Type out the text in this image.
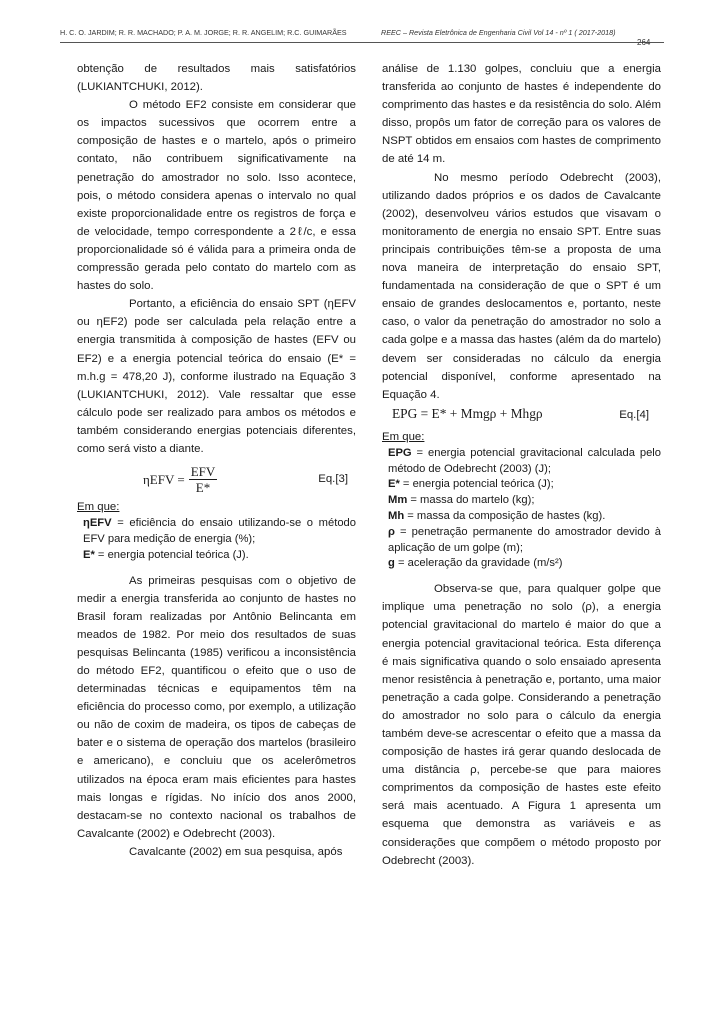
H. C. O. JARDIM; R. R. MACHADO; P. A. M. JORGE; R. R. ANGELIM; R.C. GUIMARÃES	REEC – Revista Eletrônica de Engenharia Civil Vol 14 - nº 1 ( 2017-2018)
264

obtenção de resultados mais satisfatórios (LUKIANTCHUKI, 2012).

O método EF2 consiste em considerar que os impactos sucessivos que ocorrem entre a composição de hastes e o martelo, após o primeiro contato, não contribuem significativamente na penetração do amostrador no solo. Isso acontece, pois, o método considera apenas o intervalo no qual existe proporcionalidade entre os registros de força e de velocidade, tempo correspondente a 2ℓ/c, e essa proporcionalidade só é válida para a primeira onda de compressão gerada pelo contato do martelo com as hastes do solo.

Portanto, a eficiência do ensaio SPT (ηEFV ou ηEF2) pode ser calculada pela relação entre a energia transmitida à composição de hastes (EFV ou EF2) e a energia potencial teórica do ensaio (E* = m.h.g = 478,20 J), conforme ilustrado na Equação 3 (LUKIANTCHUKI, 2012). Vale ressaltar que esse cálculo pode ser realizado para ambos os métodos e também considerando energias potenciais diferentes, como será visto a diante.

$\eta EFV = \frac{\text{EFV}}{E*}$	Eq.[3]

Em que:

ηEFV = eficiência do ensaio utilizando-se o método EFV para medição de energia (%);

E* = energia potencial teórica (J).

As primeiras pesquisas com o objetivo de medir a energia transferida ao conjunto de hastes no Brasil foram realizadas por Antônio Belincanta em meados de 1982. Por meio dos resultados de suas pesquisas Belincanta (1985) verificou a inconsistência do método EF2, quantificou o efeito que o uso de determinadas técnicas e equipamentos têm na eficiência do processo como, por exemplo, a utilização ou não de coxim de madeira, os tipos de cabeças de bater e o sistema de operação dos martelos (brasileiro e americano), e concluiu que os acelerômetros utilizados na época eram mais eficientes para hastes mais longas e rígidas. No início dos anos 2000, destacam-se no contexto nacional os trabalhos de Cavalcante (2002) e Odebrecht (2003).

Cavalcante (2002) em sua pesquisa, após

análise de 1.130 golpes, concluiu que a energia transferida ao conjunto de hastes é independente do comprimento das hastes e da resistência do solo. Além disso, propôs um fator de correção para os valores de NSPT obtidos em ensaios com hastes de comprimento de até 14 m.

No mesmo período Odebrecht (2003), utilizando dados próprios e os dados de Cavalcante (2002), desenvolveu vários estudos que visavam o monitoramento de energia no ensaio SPT. Entre suas principais contribuições têm-se a proposta de uma nova maneira de interpretação do ensaio SPT, fundamentada na consideração de que o SPT é um ensaio de grandes deslocamentos e, portanto, neste caso, o valor da penetração do amostrador no solo a cada golpe e a massa das hastes (além da do martelo) devem ser consideradas no cálculo da energia potencial disponível, conforme apresentado na Equação 4.

EPG = E* + Mmgρ + Mhgρ	Eq.[4]

Em que:

EPG = energia potencial gravitacional calculada pelo método de Odebrecht (2003) (J);

E* = energia potencial teórica (J);

Mm = massa do martelo (kg);

Mh = massa da composição de hastes (kg).

ρ = penetração permanente do amostrador devido à aplicação de um golpe (m);

g = aceleração da gravidade (m/s²)

Observa-se que, para qualquer golpe que implique uma penetração no solo (ρ), a energia potencial gravitacional do martelo é maior do que a energia potencial gravitacional teórica. Esta diferença é mais significativa quando o solo ensaiado apresenta menor resistência à penetração e, portanto, uma maior penetração a cada golpe. Considerando a penetração do amostrador no solo para o cálculo da energia também deve-se acrescentar o efeito que a massa da composição de hastes irá gerar quando deslocada de uma distância ρ, percebe-se que para maiores comprimentos da composição de hastes este efeito será mais acentuado. A Figura 1 apresenta um esquema que demonstra as variáveis e as considerações que compõem o método proposto por Odebrecht (2003).
